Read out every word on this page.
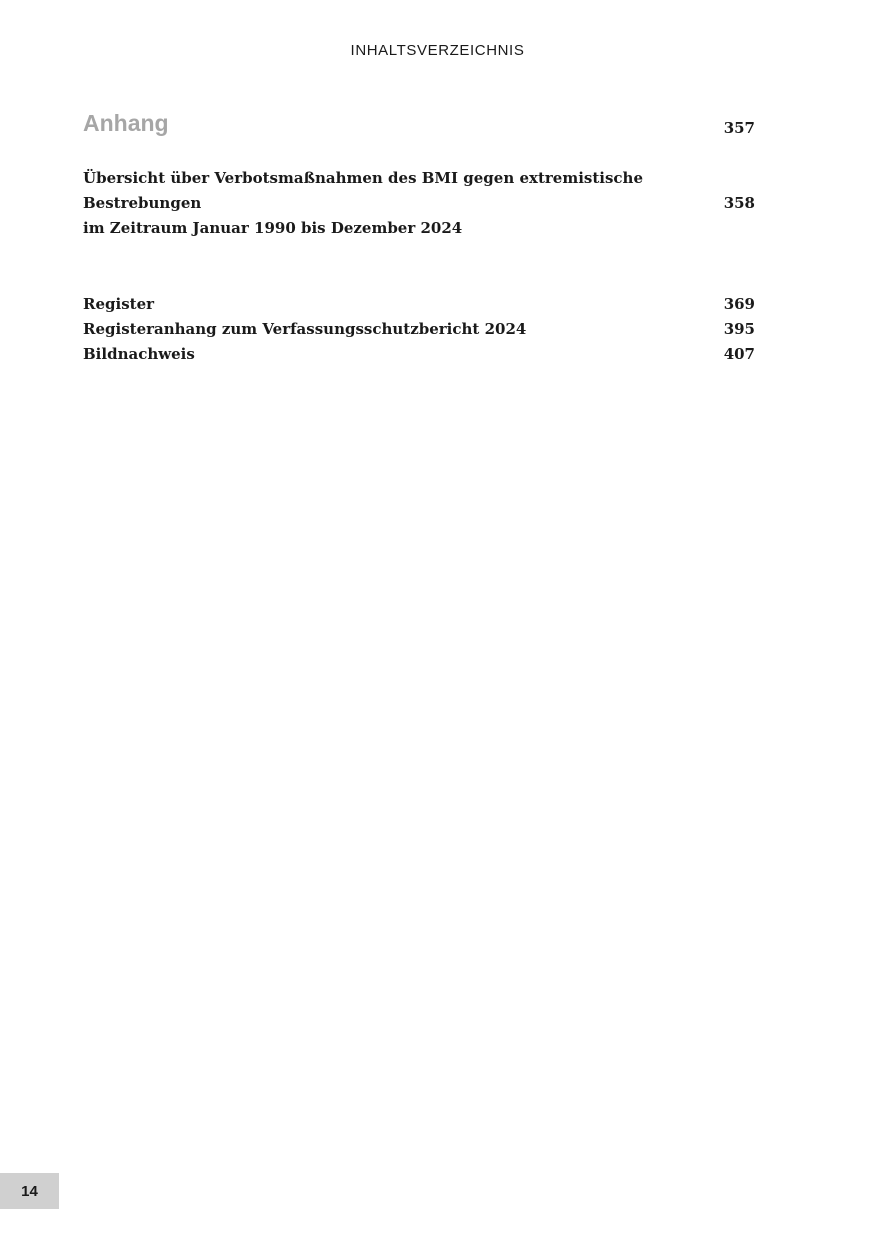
INHALTSVERZEICHNIS
Anhang	357
Übersicht über Verbotsmaßnahmen des BMI gegen extremistische Bestrebungen
im Zeitraum Januar 1990 bis Dezember 2024
358
Register	369
Registeranhang zum Verfassungsschutzbericht 2024	395
Bildnachweis	407
14
